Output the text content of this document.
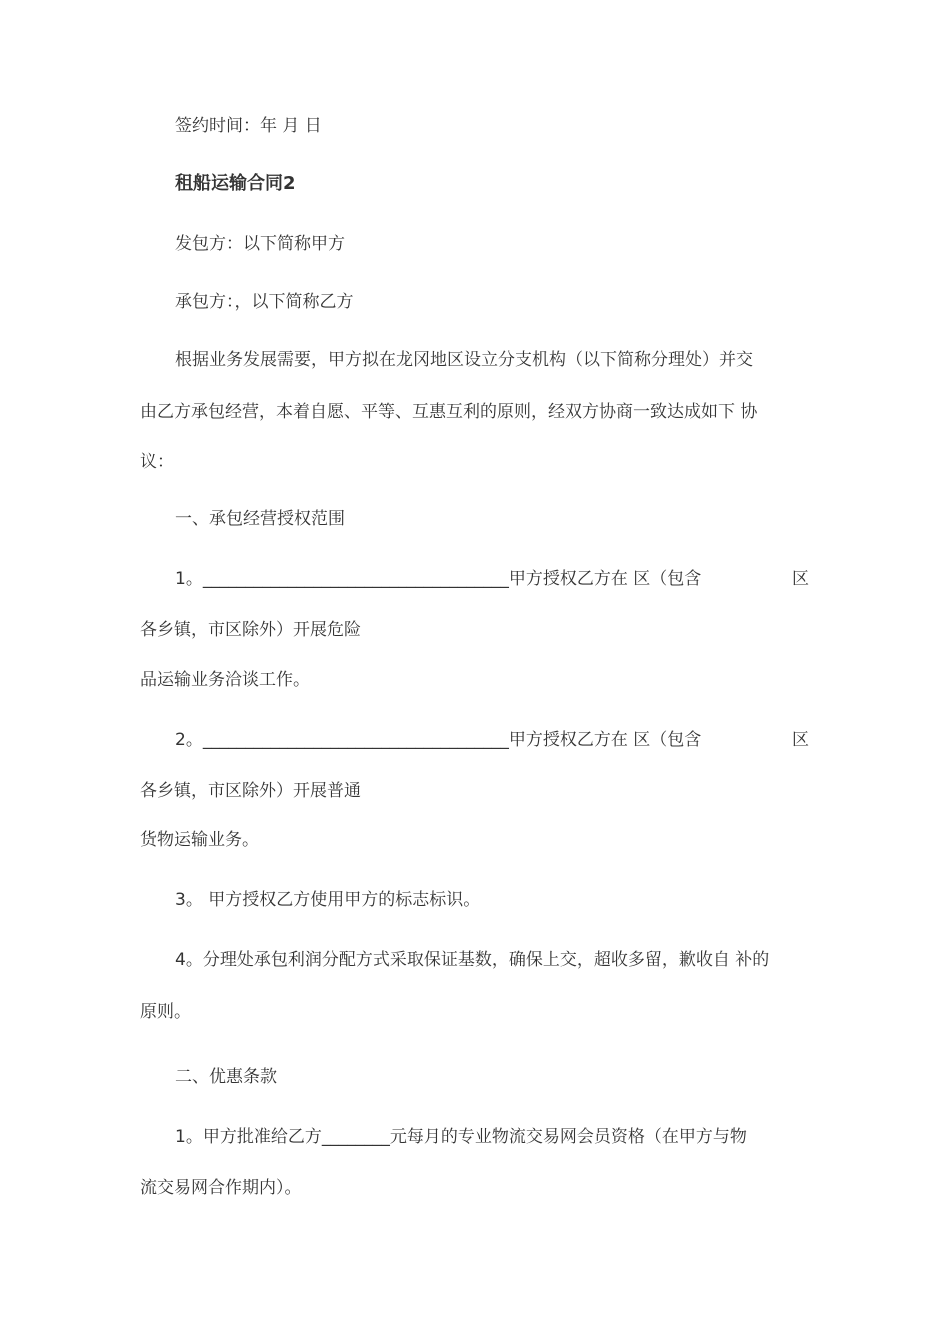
签约时间：年 月 日
租船运输合同2
发包方：以下简称甲方
承包方：，以下简称乙方
根据业务发展需要，甲方拟在龙冈地区设立分支机构（以下简称分理处）并交
由乙方承包经营，本着自愿、平等、互惠互利的原则，经双方协商一致达成如下 协
议：
一、承包经营授权范围
1。____________________________________甲方授权乙方在 区（包含	区
各乡镇，市区除外）开展危险
品运输业务洽谈工作。
2。____________________________________甲方授权乙方在 区（包含	区
各乡镇，市区除外）开展普通
货物运输业务。
3。 甲方授权乙方使用甲方的标志标识。
4。分理处承包利润分配方式采取保证基数，确保上交，超收多留，歉收自 补的
原则。
二、优惠条款
1。甲方批准给乙方________元每月的专业物流交易网会员资格（在甲方与物
流交易网合作期内）。
